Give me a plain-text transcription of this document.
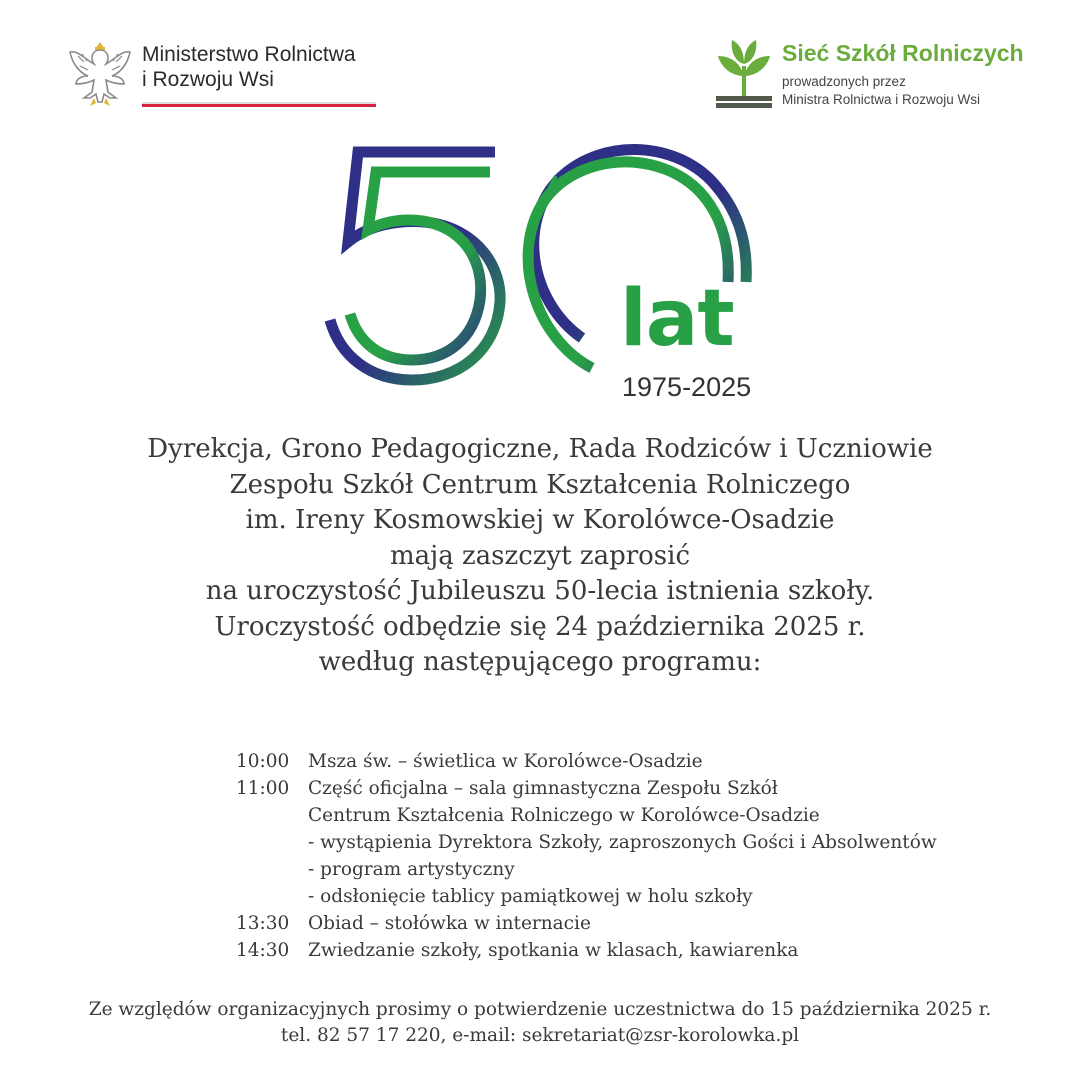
Ministerstwo Rolnictwa
i Rozwoju Wsi
Sieć Szkół Rolniczych
prowadzonych przez
Ministra Rolnictwa i Rozwoju Wsi
lat
1975-2025
Dyrekcja, Grono Pedagogiczne, Rada Rodziców i Uczniowie
Zespołu Szkół Centrum Kształcenia Rolniczego
im. Ireny Kosmowskiej w Korolówce-Osadzie
mają zaszczyt zaprosić
na uroczystość Jubileuszu 50-lecia istnienia szkoły.
Uroczystość odbędzie się 24 października 2025 r.
według następującego programu:
10:00	Msza św. – świetlica w Korolówce-Osadzie
11:00	Część oficjalna – sala gimnastyczna Zespołu Szkół
Centrum Kształcenia Rolniczego w Korolówce-Osadzie
- wystąpienia Dyrektora Szkoły, zaproszonych Gości i Absolwentów
- program artystyczny
- odsłonięcie tablicy pamiątkowej w holu szkoły
13:30	Obiad – stołówka w internacie
14:30	Zwiedzanie szkoły, spotkania w klasach, kawiarenka
Ze względów organizacyjnych prosimy o potwierdzenie uczestnictwa do 15 października 2025 r.
tel. 82 57 17 220, e-mail: sekretariat@zsr-korolowka.pl
